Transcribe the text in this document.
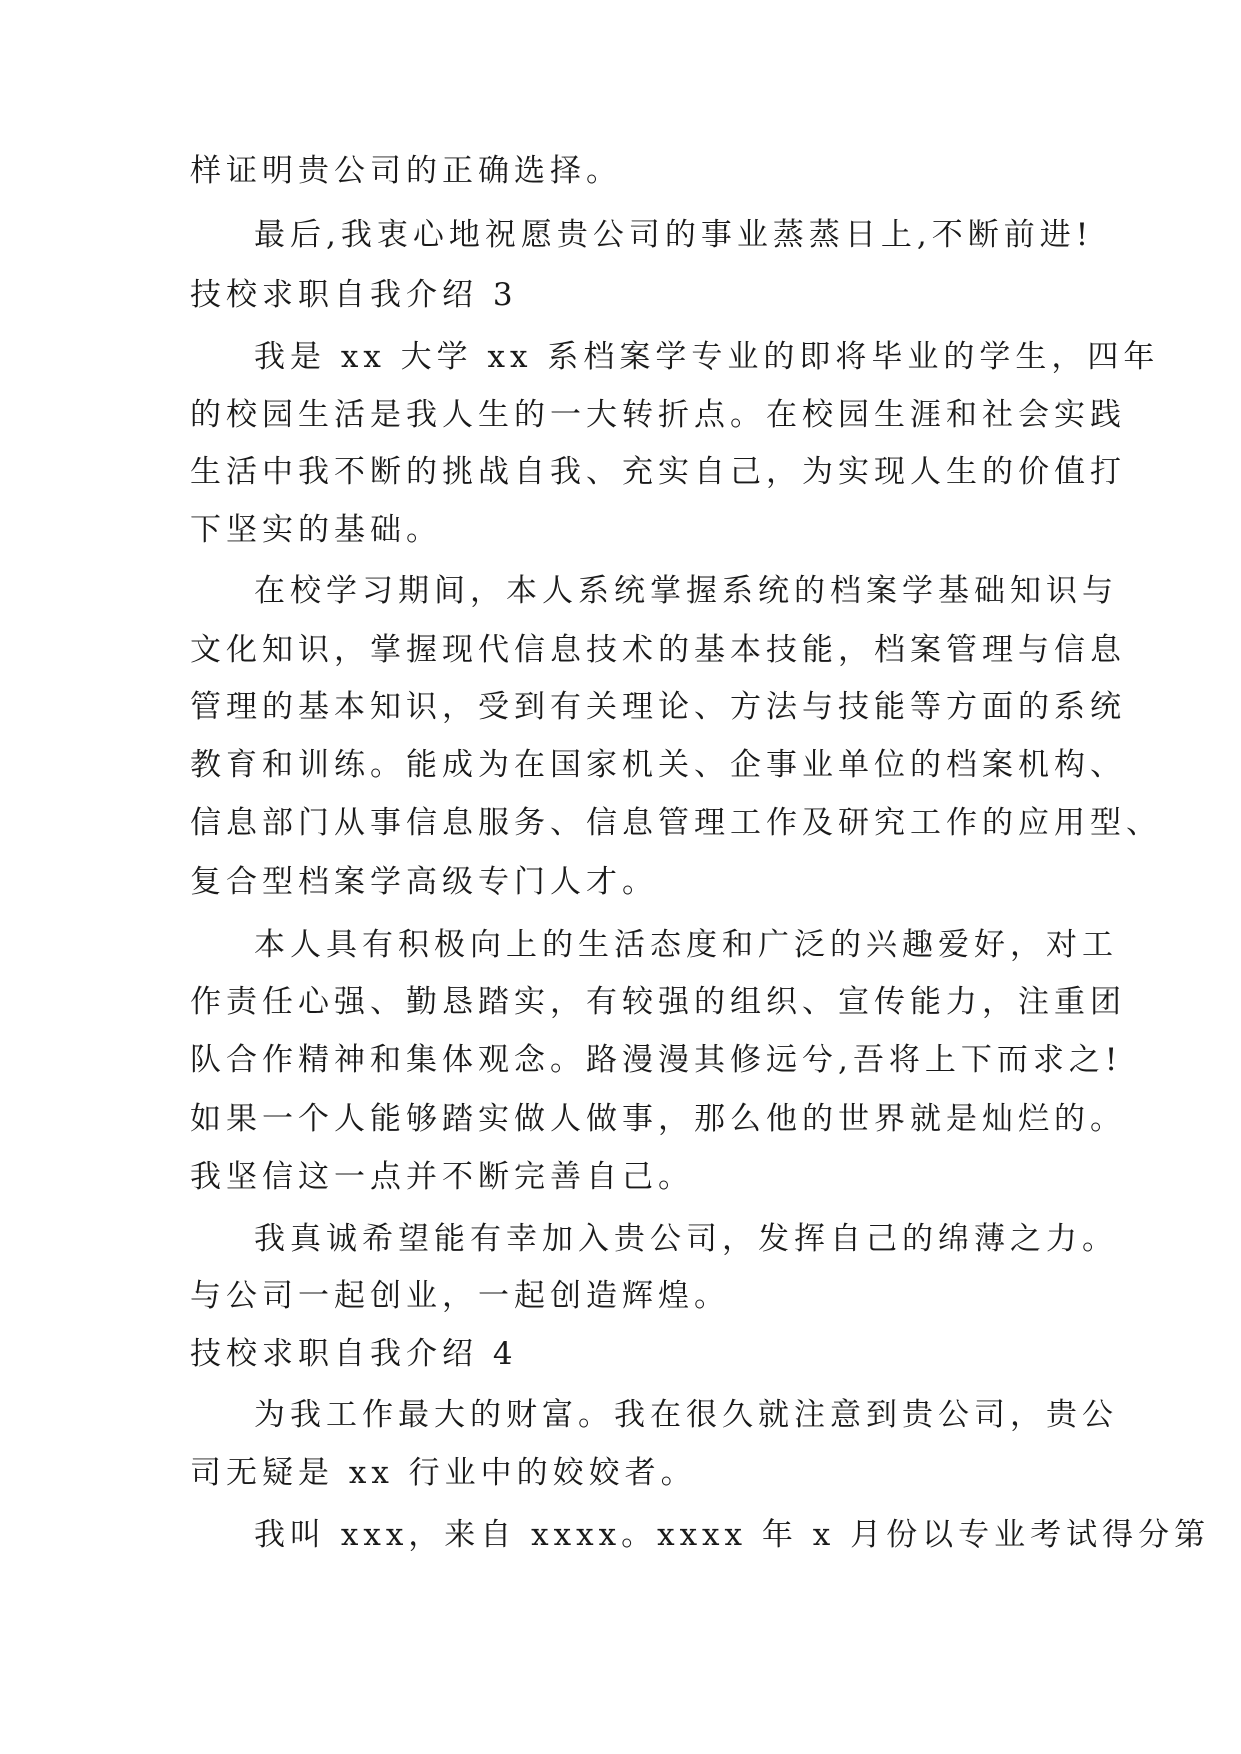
样证明贵公司的正确选择。

最后,我衷心地祝愿贵公司的事业蒸蒸日上,不断前进!

技校求职自我介绍 3

我是 xx 大学 xx 系档案学专业的即将毕业的学生，四年

的校园生活是我人生的一大转折点。在校园生涯和社会实践

生活中我不断的挑战自我、充实自己，为实现人生的价值打

下坚实的基础。

在校学习期间，本人系统掌握系统的档案学基础知识与

文化知识，掌握现代信息技术的基本技能，档案管理与信息

管理的基本知识，受到有关理论、方法与技能等方面的系统

教育和训练。能成为在国家机关、企事业单位的档案机构、

信息部门从事信息服务、信息管理工作及研究工作的应用型、

复合型档案学高级专门人才。

本人具有积极向上的生活态度和广泛的兴趣爱好，对工

作责任心强、勤恳踏实，有较强的组织、宣传能力，注重团

队合作精神和集体观念。路漫漫其修远兮,吾将上下而求之!

如果一个人能够踏实做人做事，那么他的世界就是灿烂的。

我坚信这一点并不断完善自己。

我真诚希望能有幸加入贵公司，发挥自己的绵薄之力。

与公司一起创业，一起创造辉煌。

技校求职自我介绍 4

为我工作最大的财富。我在很久就注意到贵公司，贵公

司无疑是 xx 行业中的姣姣者。

我叫 xxx，来自 xxxx。xxxx 年 x 月份以专业考试得分第
